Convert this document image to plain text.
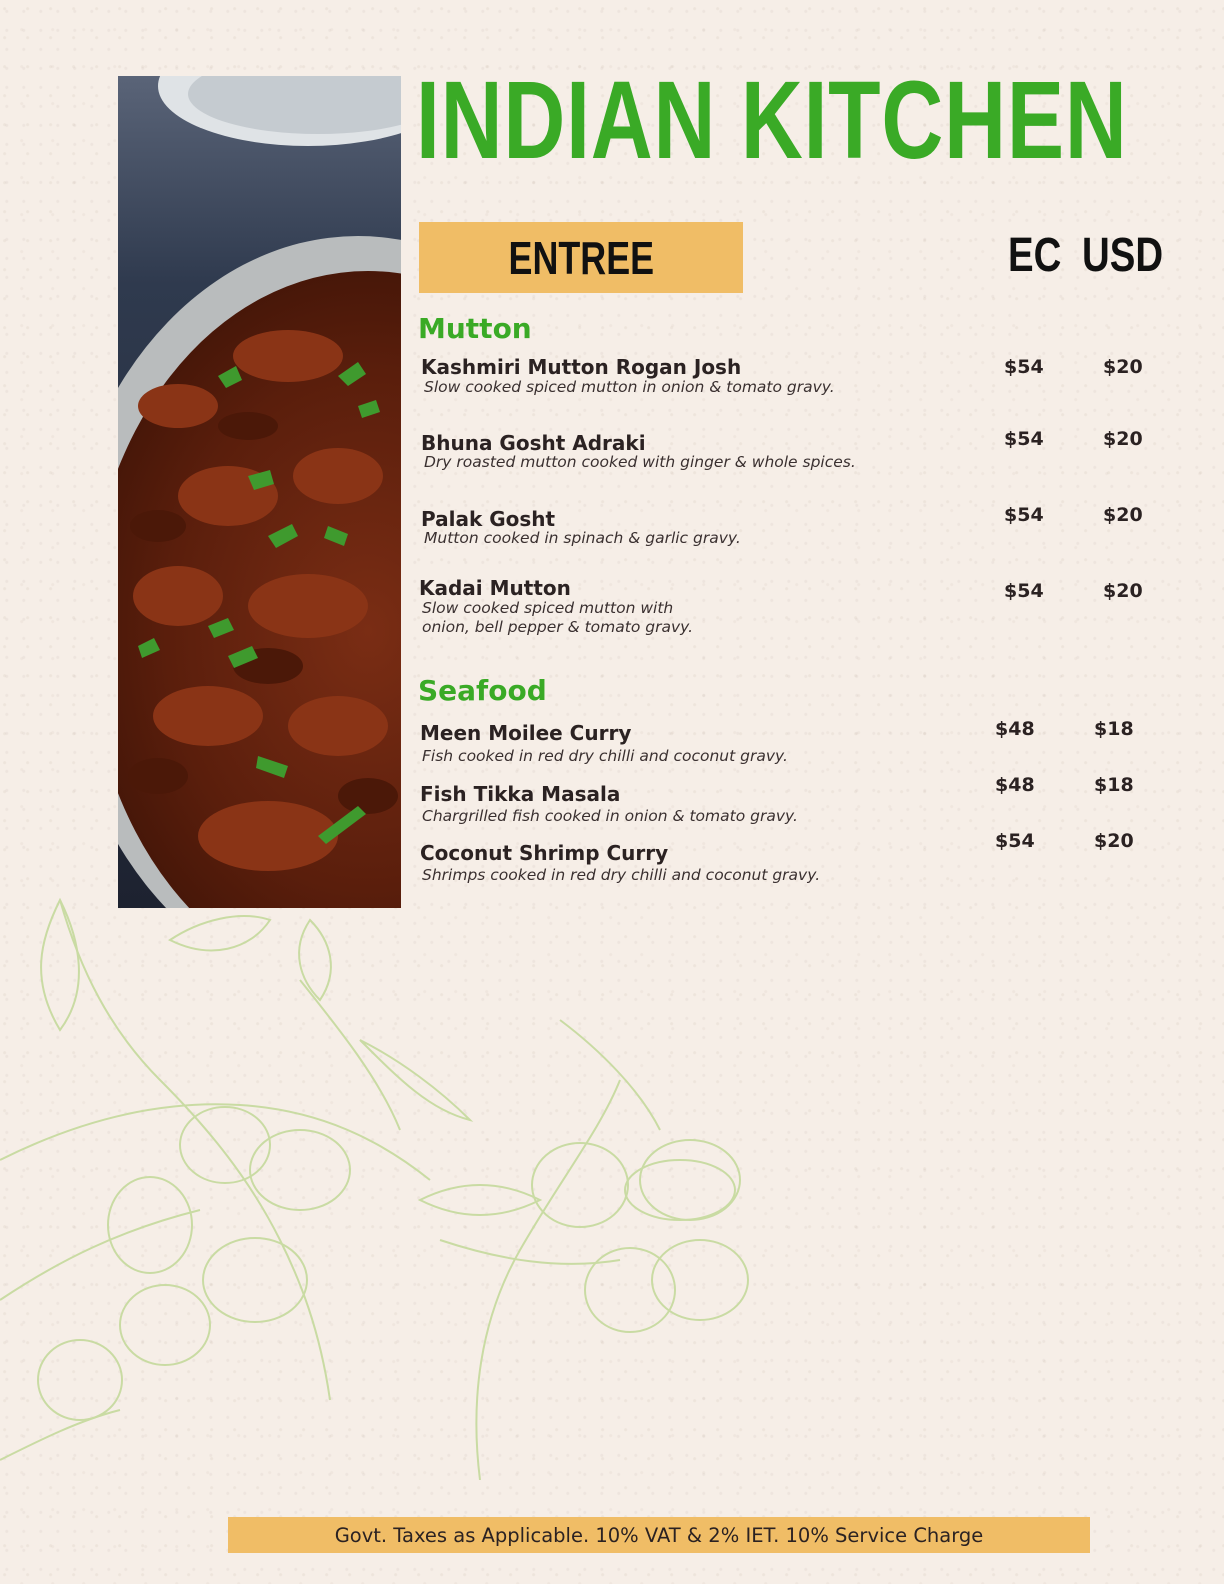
INDIAN KITCHEN
ENTREE	EC USD
Mutton
Kashmiri Mutton Rogan Josh
Slow cooked spiced mutton in onion & tomato gravy.
$54	$20
Bhuna Gosht Adraki
Dry roasted mutton cooked with ginger & whole spices.
$54	$20
Palak Gosht
Mutton cooked in spinach & garlic gravy.
$54	$20
Kadai Mutton
Slow cooked spiced mutton with
onion, bell pepper & tomato gravy.
$54	$20
Seafood
Meen Moilee Curry
Fish cooked in red dry chilli and coconut gravy.
$48	$18
Fish Tikka Masala
Chargrilled fish cooked in onion & tomato gravy.
$48	$18
Coconut Shrimp Curry
Shrimps cooked in red dry chilli and coconut gravy.
$54	$20
Govt. Taxes as Applicable. 10% VAT & 2% IET. 10% Service Charge
